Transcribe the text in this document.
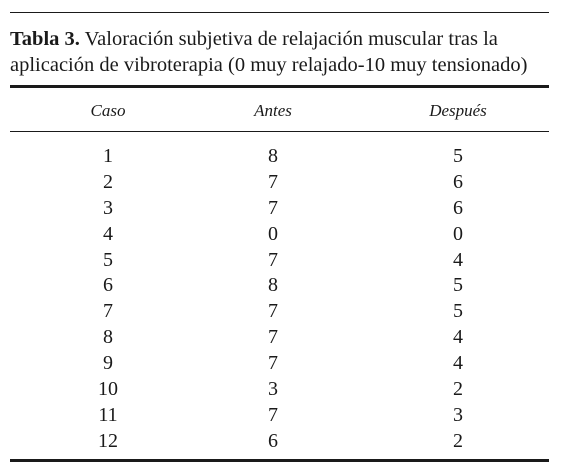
Tabla 3. Valoración subjetiva de relajación muscular tras la
aplicación de vibroterapia (0 muy relajado-10 muy tensionado)
Caso	Antes	Después
1	8	5
2	7	6
3	7	6
4	0	0
5	7	4
6	8	5
7	7	5
8	7	4
9	7	4
10	3	2
11	7	3
12	6	2
